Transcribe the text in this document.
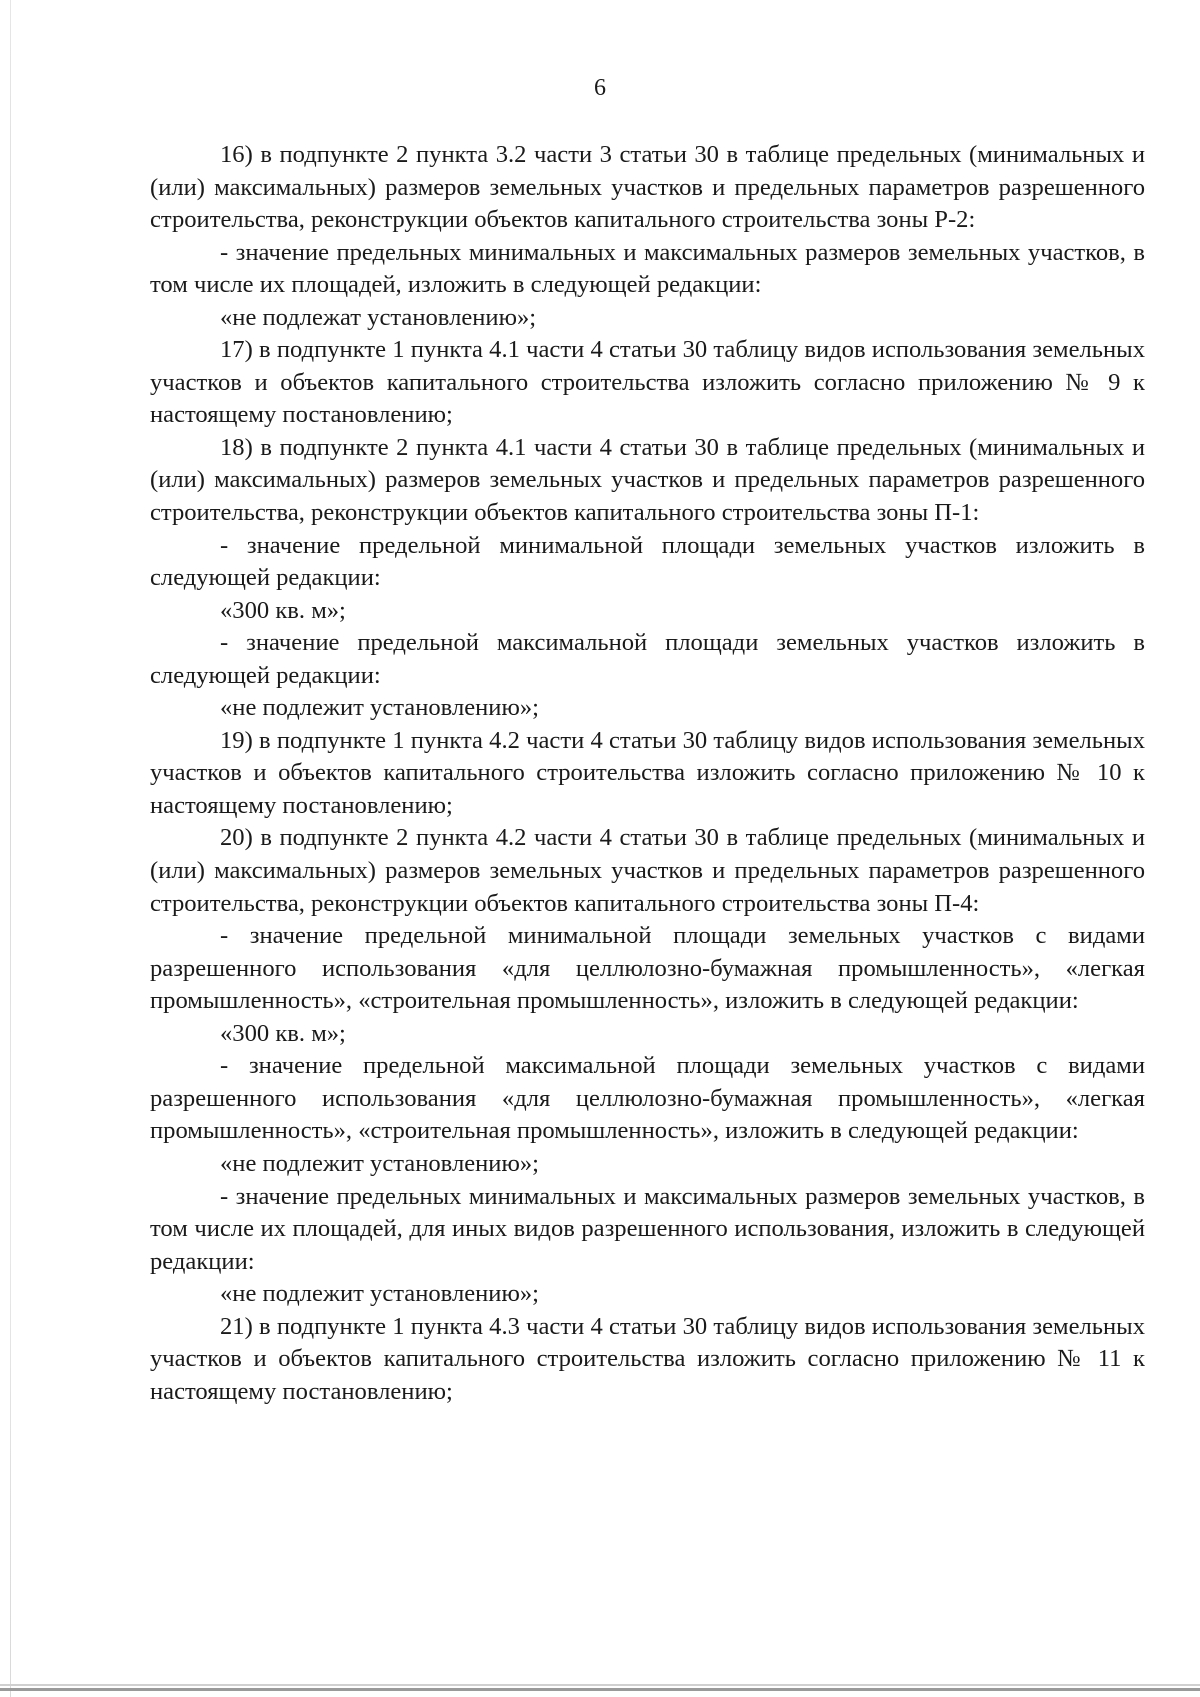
6

16) в подпункте 2 пункта 3.2 части 3 статьи 30 в таблице предельных (минимальных и (или) максимальных) размеров земельных участков и предельных параметров разрешенного строительства, реконструкции объектов капитального строительства зоны Р-2:

- значение предельных минимальных и максимальных размеров земельных участков, в том числе их площадей, изложить в следующей редакции:

«не подлежат установлению»;

17) в подпункте 1 пункта 4.1 части 4 статьи 30 таблицу видов использования земельных участков и объектов капитального строительства изложить согласно приложению № 9 к настоящему постановлению;

18) в подпункте 2 пункта 4.1 части 4 статьи 30 в таблице предельных (минимальных и (или) максимальных) размеров земельных участков и предельных параметров разрешенного строительства, реконструкции объектов капитального строительства зоны П-1:

- значение предельной минимальной площади земельных участков изложить в следующей редакции:

«300 кв. м»;

- значение предельной максимальной площади земельных участков изложить в следующей редакции:

«не подлежит установлению»;

19) в подпункте 1 пункта 4.2 части 4 статьи 30 таблицу видов использования земельных участков и объектов капитального строительства изложить согласно приложению № 10 к настоящему постановлению;

20) в подпункте 2 пункта 4.2 части 4 статьи 30 в таблице предельных (минимальных и (или) максимальных) размеров земельных участков и предельных параметров разрешенного строительства, реконструкции объектов капитального строительства зоны П-4:

- значение предельной минимальной площади земельных участков с видами разрешенного использования «для целлюлозно-бумажная промышленность», «легкая промышленность», «строительная промышленность», изложить в следующей редакции:

«300 кв. м»;

- значение предельной максимальной площади земельных участков с видами разрешенного использования «для целлюлозно-бумажная промышленность», «легкая промышленность», «строительная промышленность», изложить в следующей редакции:

«не подлежит установлению»;

- значение предельных минимальных и максимальных размеров земельных участков, в том числе их площадей, для иных видов разрешенного использования, изложить в следующей редакции:

«не подлежит установлению»;

21) в подпункте 1 пункта 4.3 части 4 статьи 30 таблицу видов использования земельных участков и объектов капитального строительства изложить согласно приложению № 11 к настоящему постановлению;
